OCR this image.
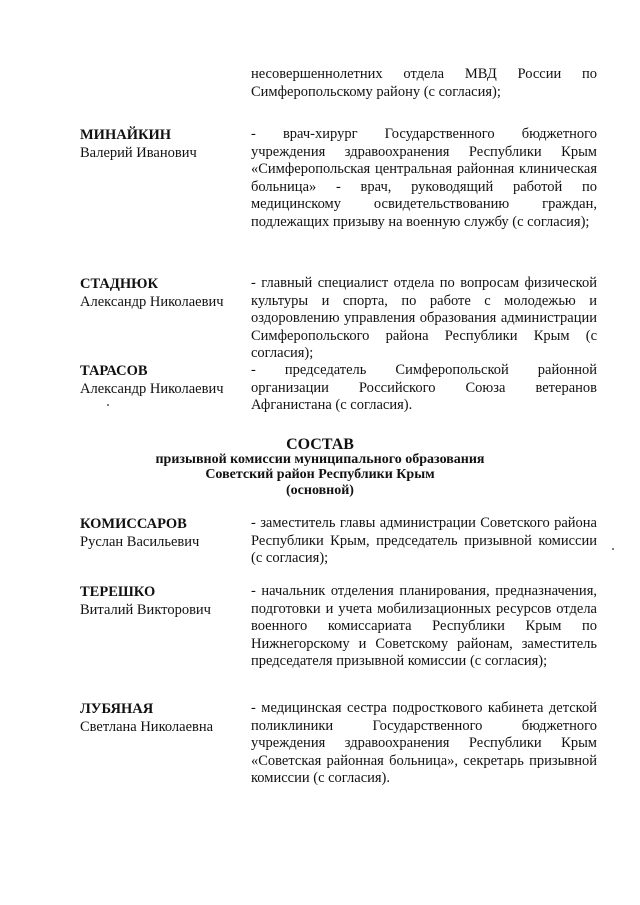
несовершеннолетних отдела МВД России по Симферопольскому району (с согласия);
МИНАЙКИН
Валерий Иванович
- врач-хирург Государственного бюджетного учреждения здравоохранения Республики Крым «Симферопольская центральная районная клиническая больница» - врач, руководящий работой по медицинскому освидетельствованию граждан, подлежащих призыву на военную службу (с согласия);
СТАДНЮК
Александр Николаевич
- главный специалист отдела по вопросам физической культуры и спорта, по работе с молодежью и оздоровлению управления образования администрации Симферопольского района Республики Крым (с согласия);
ТАРАСОВ
Александр Николаевич
- председатель Симферопольской районной организации Российского Союза ветеранов Афганистана (с согласия).
СОСТАВ
призывной комиссии муниципального образования
Советский район Республики Крым
(основной)
КОМИССАРОВ
Руслан Васильевич
- заместитель главы администрации Советского района Республики Крым, председатель призывной комиссии (с согласия);
ТЕРЕШКО
Виталий Викторович
- начальник отделения планирования, предназначения, подготовки и учета мобилизационных ресурсов отдела военного комиссариата Республики Крым по Нижнегорскому и Советскому районам, заместитель председателя призывной комиссии (с согласия);
ЛУБЯНАЯ
Светлана Николаевна
- медицинская сестра подросткового кабинета детской поликлиники Государственного бюджетного учреждения здравоохранения Республики Крым «Советская районная больница», секретарь призывной комиссии (с согласия).
